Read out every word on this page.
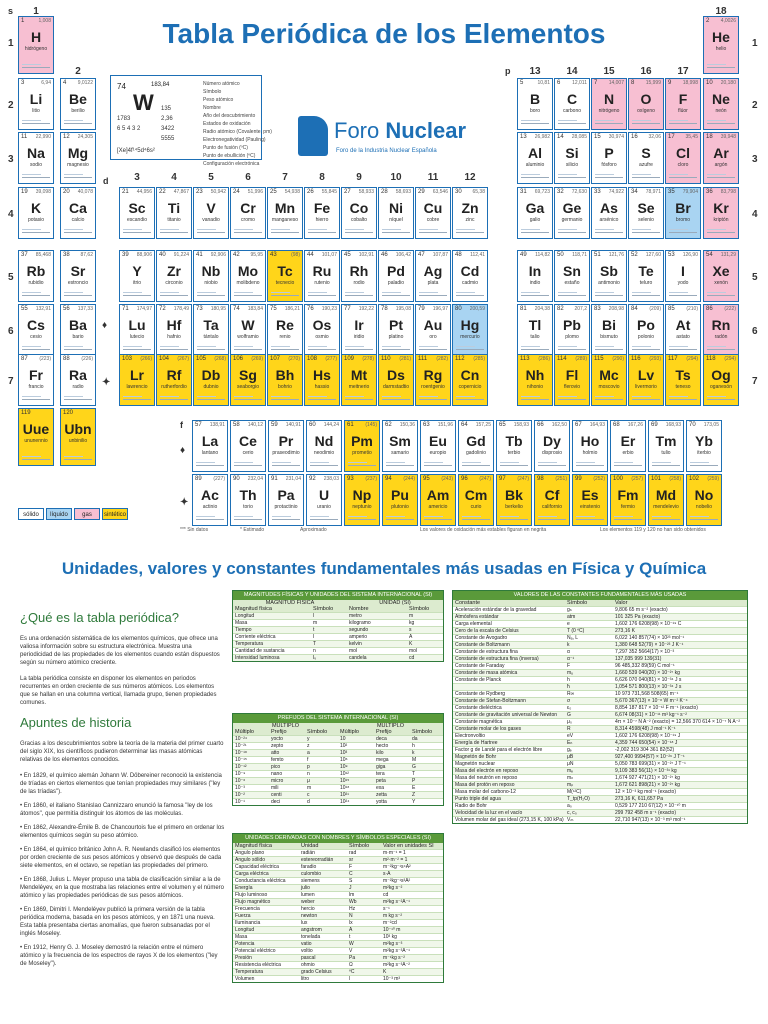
Tabla Periódica de los Elementos
74	183,84
W
1783
6 5 4 3 2
135
2,36
3422
5555
[Xe]4f¹⁴5d⁴6s²
Número atómico
Símbolo
Peso atómico
Nombre
Año del descubrimiento
Estados de oxidación
Radio atómico (Covalente, pm)
Electronegatividad (Pauling)
Punto de fusión (ºC)
Punto de ebullición (ºC)
Configuración electrónica
Foro Nuclear
Foro de la Industria Nuclear Española
1	1,008
H
hidrógeno
2 4,0026
He
helio
3	6,94
Li
litio
4 9,0122
Be
berilio
5	10,81
B
boro
6 12,011
C
carbono
7 14,007
N
nitrógeno
8 15,999
O
oxígeno
9 18,998
F
flúor
10 20,180
Ne
neón
11 22,990
Na
sodio
12 24,305
Mg
magnesio
13 26,982
Al
aluminio
14 28,085
Si
silicio
15 30,974
P
fósforo
16 32,06
S
azufre
17 35,45
Cl
cloro
18 39,948
Ar
argón
19 39,098
K
potasio
20 40,078
Ca
calcio
21 44,956
Sc
escandio
22 47,867
Ti
titanio
23 50,942
V
vanadio
24 51,996
Cr
cromo
25 54,938
Mn
manganeso
26 55,845
Fe
hierro
27 58,933
Co
cobalto
28 58,693
Ni
níquel
29 63,546
Cu
cobre
30 65,38
Zn
zinc
31 69,723
Ga
galio
32 72,630
Ge
germanio
33 74,922
As
arsénico
34 78,971
Se
selenio
35 79,904
Br
bromo
36 83,798
Kr
kriptón
37 85,468
Rb
rubidio
38 87,62
Sr
estroncio
39 88,906
Y
itrio
40 91,224
Zr
circonio
41 92,906
Nb
niobio
42 95,95
Mo
molibdeno
43	(98)
Tc
tecnecio
44 101,07
Ru
rutenio
45 102,91
Rh
rodio
46 106,42
Pd
paladio
47 107,87
Ag
plata
48 112,41
Cd
cadmio
49 114,82
In
indio
50 118,71
Sn
estaño
51 121,76
Sb
antimonio
52 127,60
Te
teluro
53 126,90
I
yodo
54 131,29
Xe
xenón
55 132,91
Cs
cesio
56 137,33
Ba
bario
71 174,97
Lu
lutecio
72 178,49
Hf
hafnio
73 180,95
Ta
tántalo
74 183,84
W
wolframio
75 186,21
Re
renio
76 190,23
Os
osmio
77 192,22
Ir
iridio
78 195,08
Pt
platino
79 196,97
Au
oro
80 200,59
Hg
mercurio
81 204,38
Tl
talio
82 207,2
Pb
plomo
83 208,98
Bi
bismuto
84 (209)
Po
polonio
85 (210)
At
astato
86 (222)
Rn
radón
87 (223)
Fr
francio
88 (226)
Ra
radio
103 (266)
Lr
lawrencio
104 (267)
Rf
rutherfordio
105 (268)
Db
dubnio
106 (269)
Sg
seaborgio
107 (270)
Bh
bohrio
108 (277)
Hs
hassio
109 (278)
Mt
meitnerio
110 (281)
Ds
darmstadtio
111 (282)
Rg
roentgenio
112 (285)
Cn
copernicio
113 (286)
Nh
nihonio
114 (289)
Fl
flerovio
115 (290)
Mc
moscovio
116 (293)
Lv
livermorio
117 (294)
Ts
teneso
118 (294)
Og
oganesón
119
Uue
ununennio
120
Ubn
unbinilio
57 138,91
La
lantano
58 140,12
Ce
cerio
59 140,91
Pr
praseodimio
60 144,24
Nd
neodimio
61 (145)
Pm
prometio
62 150,36
Sm
samario
63 151,96
Eu
europio
64 157,25
Gd
gadolinio
65 158,93
Tb
terbio
66 162,50
Dy
disprosio
67 164,93
Ho
holmio
68 167,26
Er
erbio
69 168,93
Tm
tulio
70 173,05
Yb
iterbio
89 (227)
Ac
actinio
90 232,04
Th
torio
91 231,04
Pa
protactinio
92 238,03
U
uranio
93 (237)
Np
neptunio
94 (244)
Pu
plutonio
95 (243)
Am
americio
96 (247)
Cm
curio
97 (247)
Bk
berkelio
98 (251)
Cf
californio
99 (252)
Es
einstenio
100 (257)
Fm
fermio
101 (258)
Md
mendelevio
102 (259)
No
nobelio
1
2
3	4	5	6	7	8	9	10	11	12
13	14	15	16	17
18
1	1
2	2
3	3
4	4
5	5
6	6
7	7
s
p
d
f
♦
✦
♦
✦
sólido	líquido	gas	sintético
*** Sin datos	* Estimado	Aproximado	Los valores de oxidación más estables figuran en negrita	Los elementos 119 y 120 no han sido obtenidos
Unidades, valores y constantes fundamentales más usadas en Física y Química
¿Qué es la tabla periódica?
Es una ordenación sistemática de los elementos químicos, que ofrece una valiosa información sobre su estructura electrónica. Muestra una periodicidad de las propiedades de los elementos cuando están dispuestos según su número atómico creciente.
La tabla periódica consiste en disponer los elementos en periodos recurrentes en orden creciente de sus números atómicos. Los elementos que se hallan en una columna vertical, llamada grupo, tienen propiedades comunes.
Apuntes de historia
Gracias a los descubrimientos sobre la teoría de la materia del primer cuarto del siglo XIX, los científicos pudieron determinar las masas atómicas relativas de los elementos conocidos.
• En 1829, el químico alemán Johann W. Döbereiner reconoció la existencia de tríadas en ciertos elementos que tenían propiedades muy similares ("ley de las tríadas").
• En 1860, el italiano Stanislao Cannizzaro enunció la famosa "ley de los átomos", que permitía distinguir los átomos de las moléculas.
• En 1862, Alexandre-Émile B. de Chancourtois fue el primero en ordenar los elementos químicos según su peso atómico.
• En 1864, el químico británico John A. R. Newlands clasificó los elementos por orden creciente de sus pesos atómicos y observó que después de cada siete elementos, en el octavo, se repetían las propiedades del primero.
• En 1868, Julius L. Meyer propuso una tabla de clasificación similar a la de Mendeléyev, en la que mostraba las relaciones entre el volumen y el número atómico y las propiedades periódicas de sus pesos atómicos.
• En 1869, Dimitri I. Mendeléyev publicó la primera versión de la tabla periódica moderna, basada en los pesos atómicos, y en 1871 una nueva. Esta tabla presentaba ciertas anomalías, que fueron subsanadas por el inglés Moseley.
• En 1912, Henry G. J. Moseley demostró la relación entre el número atómico y la frecuencia de los espectros de rayos X de los elementos ("ley de Moseley").
MAGNITUDES FÍSICAS Y UNIDADES DEL SISTEMA INTERNACIONAL (SI)
MAGNITUD FÍSICA	UNIDAD (SI)
Magnitud física	Símbolo	Nombre	Símbolo
Longitud	l	metro	m
Masa	m	kilogramo	kg
Tiempo	t	segundo	s
Corriente eléctrica	I	amperio	A
Temperatura	T	kelvin	K
Cantidad de sustancia	n	mol	mol
Intensidad luminosa	Iᵥ	candela	cd
PREFIJOS DEL SISTEMA INTERNACIONAL (SI)
MÚLTIPLO	MÚLTIPLO
Múltiplo	Prefijo	Símbolo	Múltiplo	Prefijo	Símbolo
10⁻²⁴	yocto	y	10	deca	da
10⁻²¹	zepto	z	10²	hecto	h
10⁻¹⁸	atto	a	10³	kilo	k
10⁻¹⁵	femto	f	10⁶	mega	M
10⁻¹²	pico	p	10⁹	giga	G
10⁻⁹	nano	n	10¹²	tera	T
10⁻⁶	micro	μ	10¹⁵	peta	P
10⁻³	mili	m	10¹⁸	exa	E
10⁻²	centi	c	10²¹	zetta	Z
10⁻¹	deci	d	10²⁴	yotta	Y
UNIDADES DERIVADAS CON NOMBRES Y SÍMBOLOS ESPECIALES (SI)
Magnitud física	Unidad	Símbolo	Valor en unidades SI
Ángulo plano	radián	rad	m·m⁻¹ = 1
Ángulo sólido	estereorradián	sr	m²·m⁻² = 1
Capacidad eléctrica	faradio	F	m⁻²kg⁻¹s⁴A²
Carga eléctrica	culombio	C	s·A
Conductancia eléctrica	siemens	S	m⁻²kg⁻¹s³A²
Energía	julio	J	m²kg s⁻²
Flujo luminoso	lumen	lm	cd
Flujo magnético	weber	Wb	m²kg s⁻²A⁻¹
Frecuencia	hercio	Hz	s⁻¹
Fuerza	newton	N	m kg s⁻²
Iluminancia	lux	lx	m⁻²cd
Longitud	angstrom	Å	10⁻¹⁰ m
Masa	tonelada	t	10³ kg
Potencia	vatio	W	m²kg s⁻³
Potencial eléctrico	voltio	V	m²kg s⁻³A⁻¹
Presión	pascal	Pa	m⁻¹kg s⁻²
Resistencia eléctrica	ohmio	Ω	m²kg s⁻³A⁻²
Temperatura	grado Celsius	ºC	K
Volumen	litro	l	10⁻³ m³
VALORES DE LAS CONSTANTES FUNDAMENTALES MÁS USADAS
Constante	Símbolo	Valor
Aceleración estándar de la gravedad	gₙ	9,806 65 m s⁻² (exacto)
Atmósfera estándar	atm	101 325 Pa (exacto)
Carga elemental	e	1,602 176 6208(98) × 10⁻¹⁹ C
Cero de la escala de Celsius	T (0 ºC)	273,16 K
Constante de Avogadro	Nₐ, L	6,022 140 857(74) × 10²³ mol⁻¹
Constante de Boltzmann	k	1,380 648 52(79) × 10⁻²³ J K⁻¹
Constante de estructura fina	α	7,297 352 5664(17) × 10⁻³
Constante de estructura fina (inversa)	α⁻¹	137,035 999 139(31)
Constante de Faraday	F	96 485,332 89(59) C mol⁻¹
Constante de masa atómica	mᵤ	1,660 539 040(20) × 10⁻²⁷ kg
Constante de Planck	h	6,626 070 040(81) × 10⁻³⁴ J s
ħ	1,054 571 800(13) × 10⁻³⁴ J s
Constante de Rydberg	R∞	10 973 731,568 508(65) m⁻¹
Constante de Stefan-Boltzmann	σ	5,670 367(13) × 10⁻⁸ W m⁻² K⁻⁴
Constante dieléctrica	ε₀	8,854 187 817 × 10⁻¹² F m⁻¹ (exacto)
Constante de gravitación universal de Newton	G	6,674 08(31) × 10⁻¹¹ m³ kg⁻¹ s⁻²
Constante magnética	μ₀	4π × 10⁻⁷ N A⁻² (exacto) = 12,566 370 614 × 10⁻⁷ N A⁻²
Constante molar de los gases	R	8,314 4598(48) J mol⁻¹ K⁻¹
Electronvoltio	eV	1,602 176 6208(98) × 10⁻¹⁹ J
Energía de Hartree	Eₕ	4,359 744 650(54) × 10⁻¹⁸ J
Factor g de Landé para el electrón libre	gₑ	-2,002 319 304 361 82(52)
Magnetón de Bohr	μB	927,400 9994(57) × 10⁻²⁶ J T⁻¹
Magnetón nuclear	μN	5,050 783 699(31) × 10⁻²⁷ J T⁻¹
Masa del electrón en reposo	mₑ	9,109 383 56(11) × 10⁻³¹ kg
Masa del neutrón en reposo	mₙ	1,674 927 471(21) × 10⁻²⁷ kg
Masa del protón en reposo	mₚ	1,672 621 898(21) × 10⁻²⁷ kg
Masa molar del carbono-12	M(¹²C)	12 × 10⁻³ kg mol⁻¹ (exacto)
Punto triple del agua	T_tp(H₂O)	273,16 K, 611,657 Pa
Radio de Bohr	a₀	0,529 177 210 67(12) × 10⁻¹⁰ m
Velocidad de la luz en el vacío	c, c₀	299 792 458 m s⁻¹ (exacto)
Volumen molar del gas ideal (273,15 K, 100 kPa) Vₘ	22,710 947(13) × 10⁻³ m³ mol⁻¹
